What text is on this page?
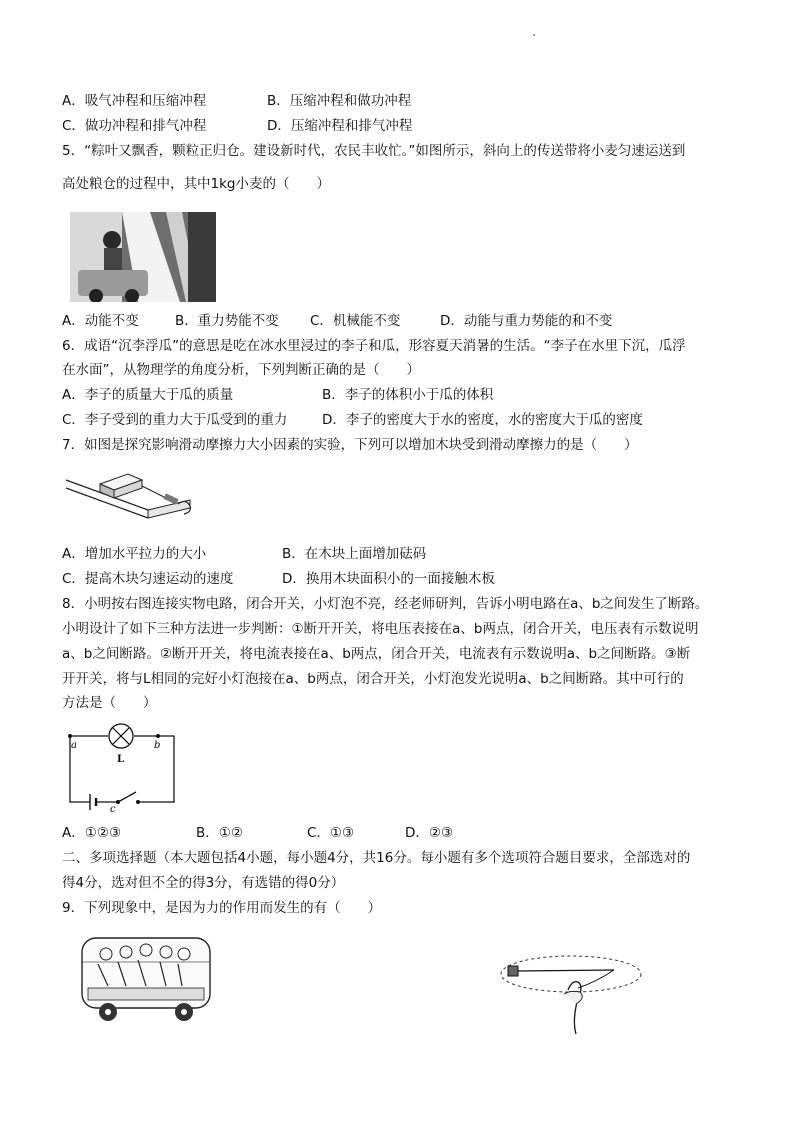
A．吸气冲程和压缩冲程	B．压缩冲程和做功冲程
C．做功冲程和排气冲程	D．压缩冲程和排气冲程
5．“粽叶又飘香，颗粒正归仓。建设新时代，农民丰收忙。”如图所示，斜向上的传送带将小麦匀速运送到
高处粮仓的过程中，其中1kg小麦的（　　）
A．动能不变	B．重力势能不变 C．机械能不变	D．动能与重力势能的和不变
6．成语“沉李浮瓜”的意思是吃在冰水里浸过的李子和瓜，形容夏天消暑的生活。“李子在水里下沉，瓜浮
在水面”，从物理学的角度分析，下列判断正确的是（　　）
A．李子的质量大于瓜的质量	B．李子的体积小于瓜的体积
C．李子受到的重力大于瓜受到的重力	D．李子的密度大于水的密度，水的密度大于瓜的密度
7．如图是探究影响滑动摩擦力大小因素的实验，下列可以增加木块受到滑动摩擦力的是（　　）
A．增加水平拉力的大小	B．在木块上面增加砝码
C．提高木块匀速运动的速度	D．换用木块面积小的一面接触木板
8．小明按右图连接实物电路，闭合开关，小灯泡不亮，经老师研判，告诉小明电路在a、b之间发生了断路。
小明设计了如下三种方法进一步判断：①断开开关，将电压表接在a、b两点，闭合开关，电压表有示数说明
a、b之间断路。②断开开关，将电流表接在a、b两点，闭合开关，电流表有示数说明a、b之间断路。③断
开开关，将与L相同的完好小灯泡接在a、b两点，闭合开关，小灯泡发光说明a、b之间断路。其中可行的
方法是（　　）
a	b
L
c
A．①②③	B．①②	C．①③	D．②③
二、多项选择题（本大题包括4小题，每小题4分，共16分。每小题有多个选项符合题目要求，全部选对的
得4分，选对但不全的得3分，有选错的得0分）
9．下列现象中，是因为力的作用而发生的有（　　）
